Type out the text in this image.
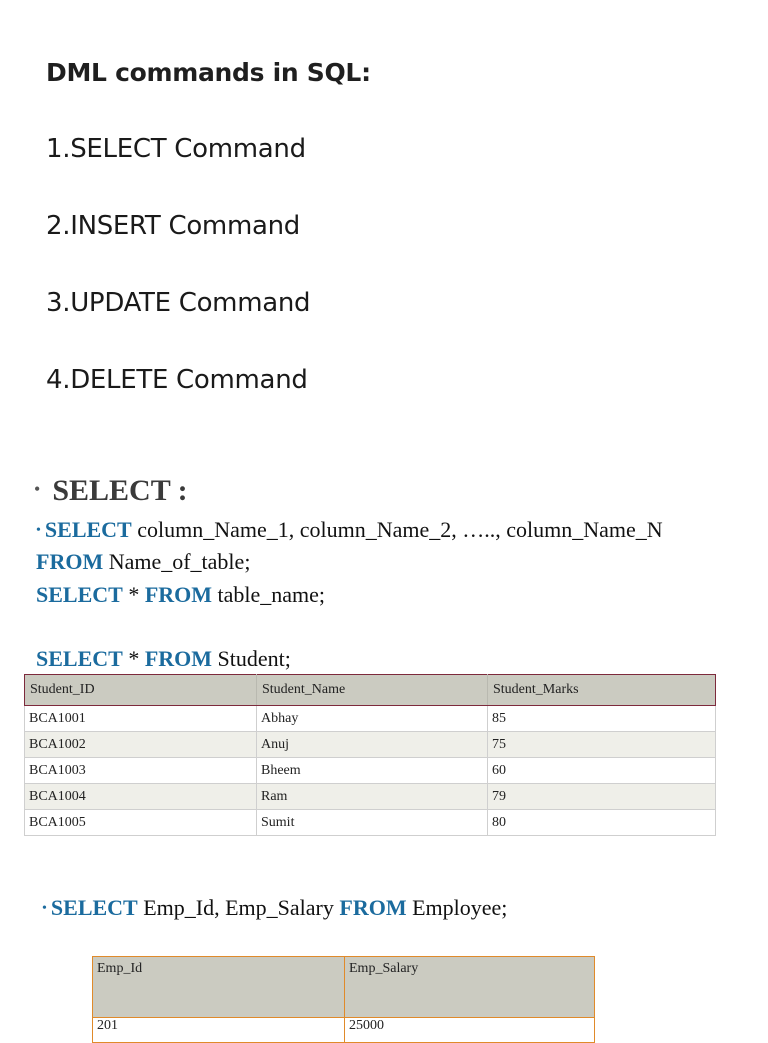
DML commands in SQL:
1.SELECT Command
2.INSERT Command
3.UPDATE Command
4.DELETE Command
• SELECT :
• SELECT column_Name_1, column_Name_2, ….., column_Name_N
FROM Name_of_table;
SELECT * FROM table_name;
SELECT * FROM Student;
Student_ID	Student_Name	Student_Marks
BCA1001	Abhay	85
BCA1002	Anuj	75
BCA1003	Bheem	60
BCA1004	Ram	79
BCA1005	Sumit	80
• SELECT Emp_Id, Emp_Salary FROM Employee;
Emp_Id	Emp_Salary
201	25000
